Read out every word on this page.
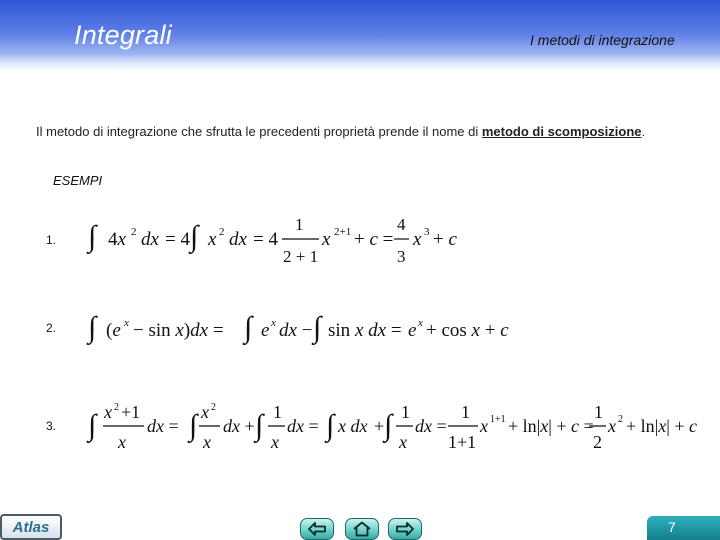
Integrali	I metodi di integrazione
Il metodo di integrazione che sfrutta le precedenti proprietà prende il nome di metodo di scomposizione.
ESEMPI
1. ∫ 4x 2 dx = 4 ∫ x 2 dx = 4
1
2 + 1
x 2+1 + c =
4
3
x 3 + c
2. ∫ (e x − sin x)dx = ∫ e x dx − ∫ sin x dx = e x + cos x + c
3. ∫ x 2 +1
x
dx = ∫ x 2
x
dx + ∫ 1
x
dx = ∫ x dx + ∫ 1
x
dx =
1
1+1
x 1+1 + ln|x| + c =
1
2
x 2 + ln|x| + c
Atlas	7
